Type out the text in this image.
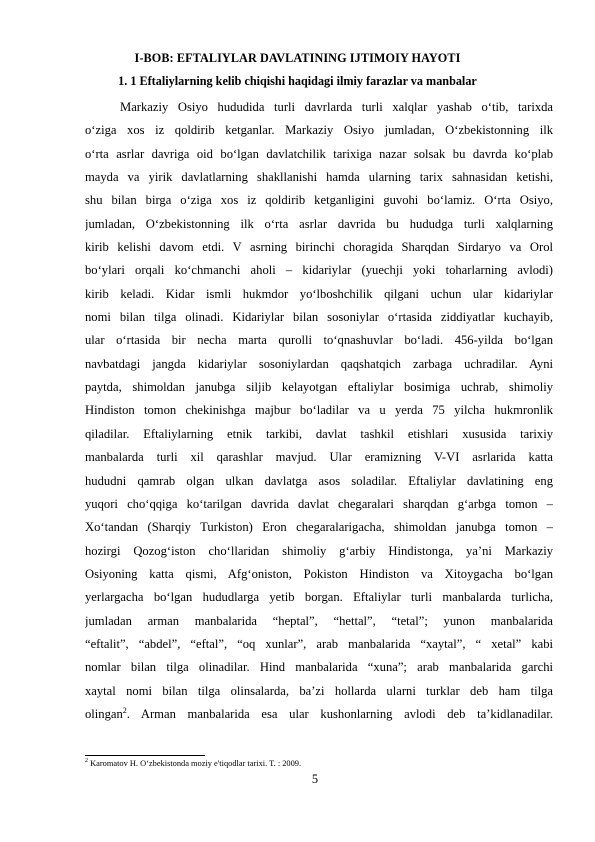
I-BOB: EFTALIYLAR DAVLATINING IJTIMOIY HAYOTI
1. 1 Eftaliylarning kelib chiqishi haqidagi ilmiy farazlar va manbalar
Markaziy Osiyo hududida turli davrlarda turli xalqlar yashab o‘tib, tarixda
o‘ziga xos iz qoldirib ketganlar. Markaziy Osiyo jumladan, O‘zbekistonning ilk
o‘rta asrlar davriga oid bo‘lgan davlatchilik tarixiga nazar solsak bu davrda ko‘plab
mayda va yirik davlatlarning shakllanishi hamda ularning tarix sahnasidan ketishi,
shu bilan birga o‘ziga xos iz qoldirib ketganligini guvohi bo‘lamiz. O‘rta Osiyo,
jumladan, O‘zbekistonning ilk o‘rta asrlar davrida bu hududga turli xalqlarning
kirib kelishi davom etdi. V asrning birinchi choragida Sharqdan Sirdaryo va Orol
bo‘ylari orqali ko‘chmanchi aholi – kidariylar (yuechji yoki toharlarning avlodi)
kirib keladi. Kidar ismli hukmdor yo‘lboshchilik qilgani uchun ular kidariylar
nomi bilan tilga olinadi. Kidariylar bilan sosoniylar o‘rtasida ziddiyatlar kuchayib,
ular o‘rtasida bir necha marta qurolli to‘qnashuvlar bo‘ladi. 456-yilda bo‘lgan
navbatdagi jangda kidariylar sosoniylardan qaqshatqich zarbaga uchradilar. Ayni
paytda, shimoldan janubga siljib kelayotgan eftaliylar bosimiga uchrab, shimoliy
Hindiston tomon chekinishga majbur bo‘ladilar va u yerda 75 yilcha hukmronlik
qiladilar. Eftaliylarning etnik tarkibi, davlat tashkil etishlari xususida tarixiy
manbalarda turli xil qarashlar mavjud. Ular eramizning V-VI asrlarida katta
hududni qamrab olgan ulkan davlatga asos soladilar. Eftaliylar davlatining eng
yuqori cho‘qqiga ko‘tarilgan davrida davlat chegaralari sharqdan g‘arbga tomon –
Xo‘tandan (Sharqiy Turkiston) Eron chegaralarigacha, shimoldan janubga tomon –
hozirgi Qozog‘iston cho‘llaridan shimoliy g‘arbiy Hindistonga, ya’ni Markaziy
Osiyoning katta qismi, Afg‘oniston, Pokiston Hindiston va Xitoygacha bo‘lgan
yerlargacha bo‘lgan hududlarga yetib borgan. Eftaliylar turli manbalarda turlicha,
jumladan arman manbalarida “heptal”, “hettal”, “tetal”; yunon manbalarida
“eftalit”, “abdel”, “eftal”, “oq xunlar”, arab manbalarida “xaytal”, “ xetal” kabi
nomlar bilan tilga olinadilar. Hind manbalarida “xuna”; arab manbalarida garchi
xaytal nomi bilan tilga olinsalarda, ba’zi hollarda ularni turklar deb ham tilga
olingan$^2$. Arman manbalarida esa ular kushonlarning avlodi deb ta’kidlanadilar.
$^2$ Karomatov H. O‘zbekistonda moziy e'tiqodlar tarixi. T. : 2009.
5
